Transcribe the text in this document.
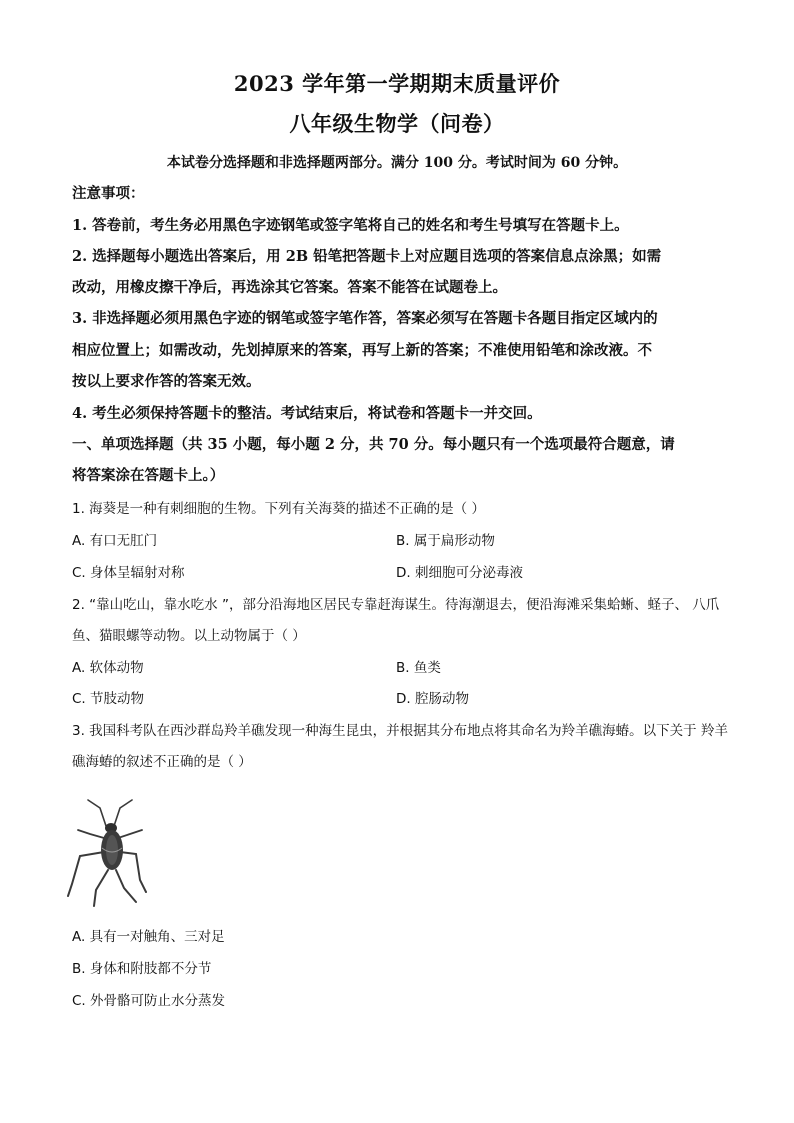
2023 学年第一学期期末质量评价
八年级生物学（问卷）
本试卷分选择题和非选择题两部分。满分 100 分。考试时间为 60 分钟。
注意事项：
1. 答卷前，考生务必用黑色字迹钢笔或签字笔将自己的姓名和考生号填写在答题卡上。
2. 选择题每小题选出答案后，用 2B 铅笔把答题卡上对应题目选项的答案信息点涂黑；如需
改动，用橡皮擦干净后，再选涂其它答案。答案不能答在试题卷上。
3. 非选择题必须用黑色字迹的钢笔或签字笔作答，答案必须写在答题卡各题目指定区域内的
相应位置上；如需改动，先划掉原来的答案，再写上新的答案；不准使用铅笔和涂改液。不
按以上要求作答的答案无效。
4. 考生必须保持答题卡的整洁。考试结束后，将试卷和答题卡一并交回。
一、单项选择题（共 35 小题，每小题 2 分，共 70 分。每小题只有一个选项最符合题意，请
将答案涂在答题卡上。）
1. 海葵是一种有刺细胞的生物。下列有关海葵的描述不正确的是（ ）
A. 有口无肛门	B. 属于扁形动物
C. 身体呈辐射对称	D. 刺细胞可分泌毒液
2. “靠山吃山，靠水吃水 ”，部分沿海地区居民专靠赶海谋生。待海潮退去，便沿海滩采集蛤蜥、蛏子、 八爪
鱼、猫眼螺等动物。以上动物属于（ ）
A. 软体动物	B. 鱼类
C. 节肢动物	D. 腔肠动物
3. 我国科考队在西沙群岛羚羊礁发现一种海生昆虫，并根据其分布地点将其命名为羚羊礁海蝽。以下关于 羚羊
礁海蝽的叙述不正确的是（ ）
A. 具有一对触角、三对足
B. 身体和附肢都不分节
C. 外骨骼可防止水分蒸发
